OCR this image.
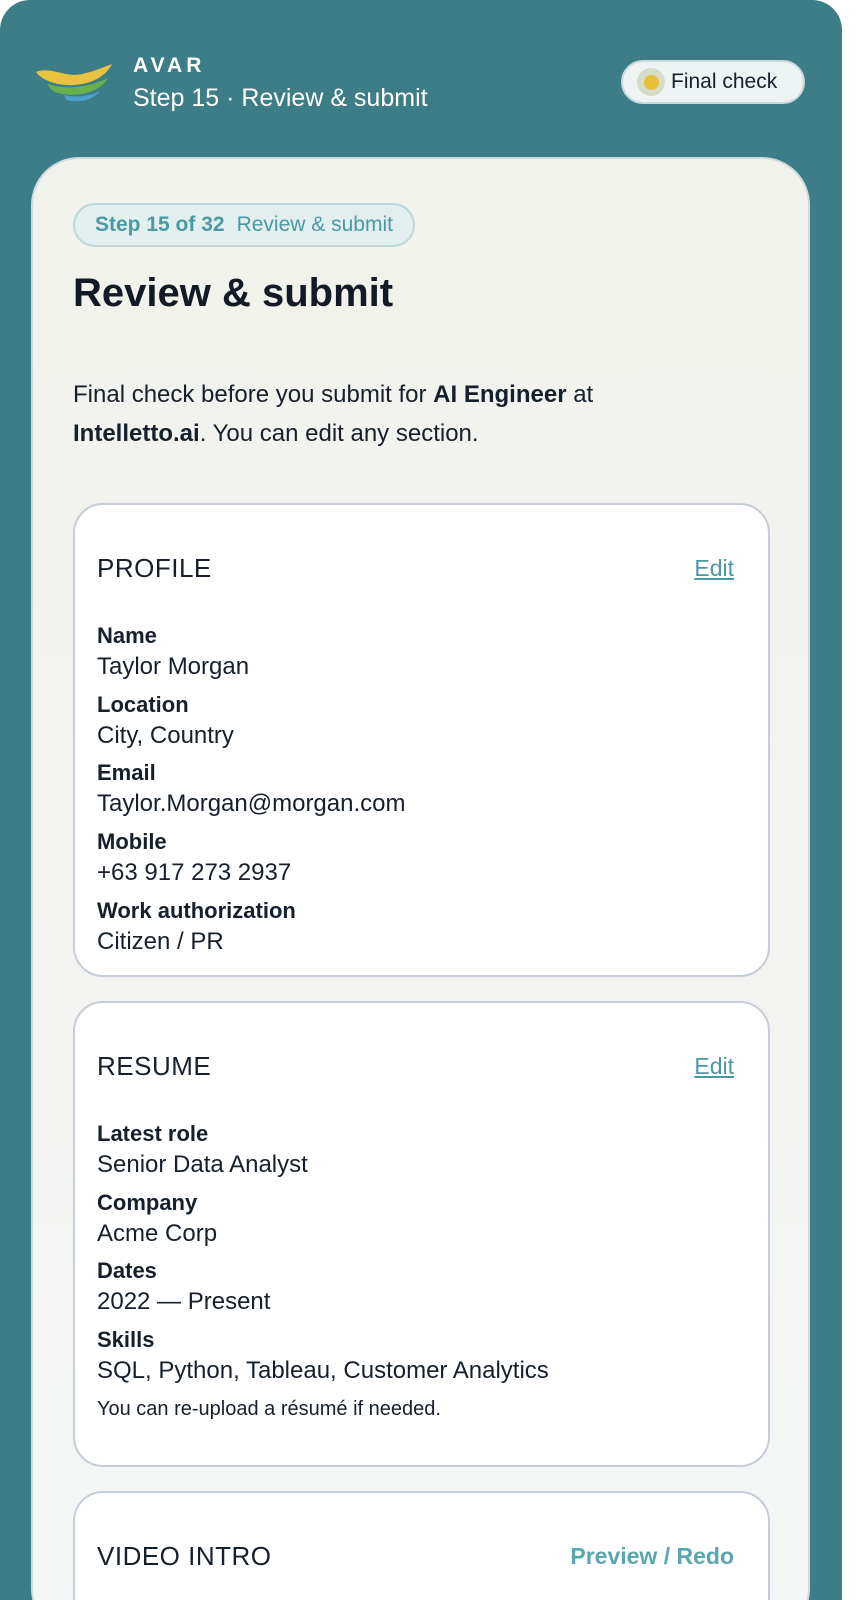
AVAR
Step 15 · Review & submit
Final check
Step 15 of 32 Review & submit
Review & submit

Final check before you submit for AI Engineer at
Intelletto.ai. You can edit any section.

PROFILE	Edit
Name
Taylor Morgan
Location
City, Country
Email
Taylor.Morgan@morgan.com
Mobile
+63 917 273 2937
Work authorization
Citizen / PR
RESUME	Edit
Latest role
Senior Data Analyst
Company
Acme Corp
Dates
2022 — Present
Skills
SQL, Python, Tableau, Customer Analytics
You can re-upload a résumé if needed.
VIDEO INTRO	Preview / Redo
